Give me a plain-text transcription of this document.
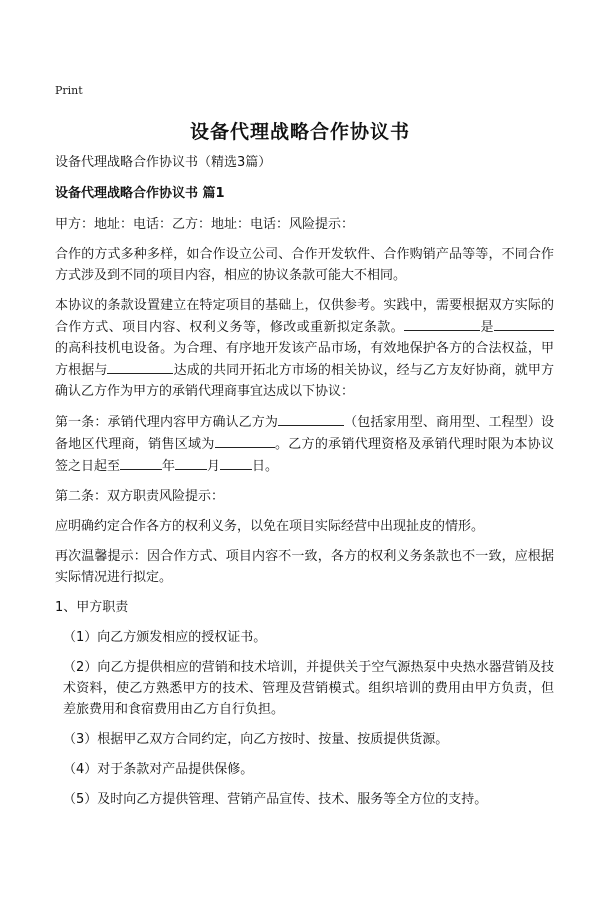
Print
设备代理战略合作协议书

设备代理战略合作协议书（精选3篇）

设备代理战略合作协议书 篇1

甲方：地址：电话：乙方：地址：电话：风险提示：

合作的方式多种多样，如合作设立公司、合作开发软件、合作购销产品等等，不同合作方式涉及到不同的项目内容，相应的协议条款可能大不相同。

本协议的条款设置建立在特定项目的基础上，仅供参考。实践中，需要根据双方实际的合作方式、项目内容、权利义务等，修改或重新拟定条款。	是的高科技机电设备。为合理、有序地开发该产品市场，有效地保护各方的合法权益，甲方根据与	达成的共同开拓北方市场的相关协议，经与乙方友好协商，就甲方确认乙方作为甲方的承销代理商事宜达成以下协议：

第一条：承销代理内容甲方确认乙方为	（包括家用型、商用型、工程型）设备地区代理商，销售区域为	。乙方的承销代理资格及承销代理时限为本协议签之日起至	年 月 日。

第二条：双方职责风险提示：

应明确约定合作各方的权利义务，以免在项目实际经营中出现扯皮的情形。

再次温馨提示：因合作方式、项目内容不一致，各方的权利义务条款也不一致，应根据实际情况进行拟定。

1、甲方职责

（1）向乙方颁发相应的授权证书。

（2）向乙方提供相应的营销和技术培训，并提供关于空气源热泵中央热水器营销及技术资料，使乙方熟悉甲方的技术、管理及营销模式。组织培训的费用由甲方负责，但差旅费用和食宿费用由乙方自行负担。

（3）根据甲乙双方合同约定，向乙方按时、按量、按质提供货源。

（4）对于条款对产品提供保修。

（5）及时向乙方提供管理、营销产品宣传、技术、服务等全方位的支持。
